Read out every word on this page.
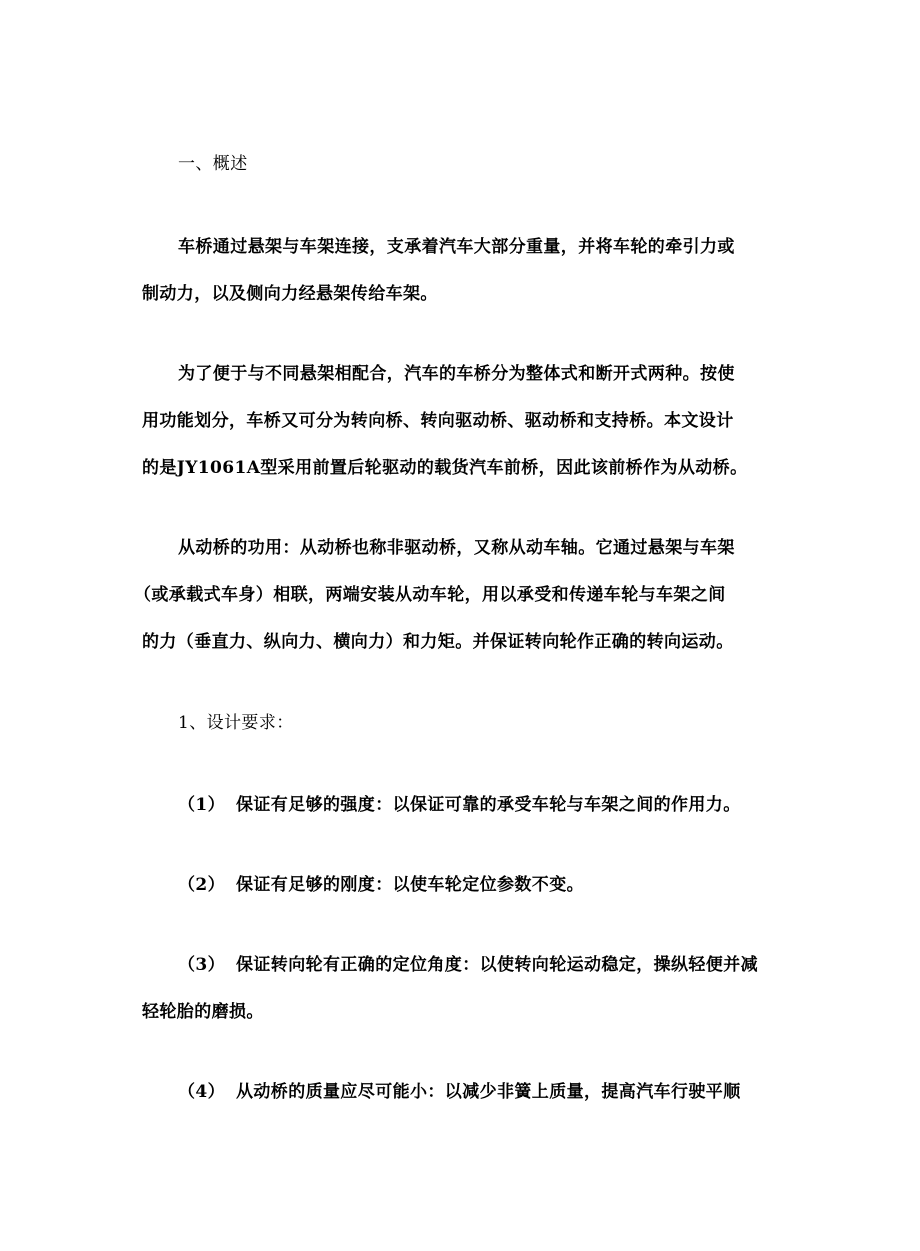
一、概述
车桥通过悬架与车架连接，支承着汽车大部分重量，并将车轮的牵引力或
制动力，以及侧向力经悬架传给车架。
为了便于与不同悬架相配合，汽车的车桥分为整体式和断开式两种。按使
用功能划分，车桥又可分为转向桥、转向驱动桥、驱动桥和支持桥。本文设计
的是JY1061A型采用前置后轮驱动的载货汽车前桥，因此该前桥作为从动桥。
从动桥的功用：从动桥也称非驱动桥，又称从动车轴。它通过悬架与车架
（或承载式车身）相联，两端安装从动车轮，用以承受和传递车轮与车架之间
的力（垂直力、纵向力、横向力）和力矩。并保证转向轮作正确的转向运动。
1、设计要求：
（1） 保证有足够的强度：以保证可靠的承受车轮与车架之间的作用力。
（2） 保证有足够的刚度：以使车轮定位参数不变。
（3） 保证转向轮有正确的定位角度：以使转向轮运动稳定，操纵轻便并减
轻轮胎的磨损。
（4） 从动桥的质量应尽可能小：以减少非簧上质量，提高汽车行驶平顺
